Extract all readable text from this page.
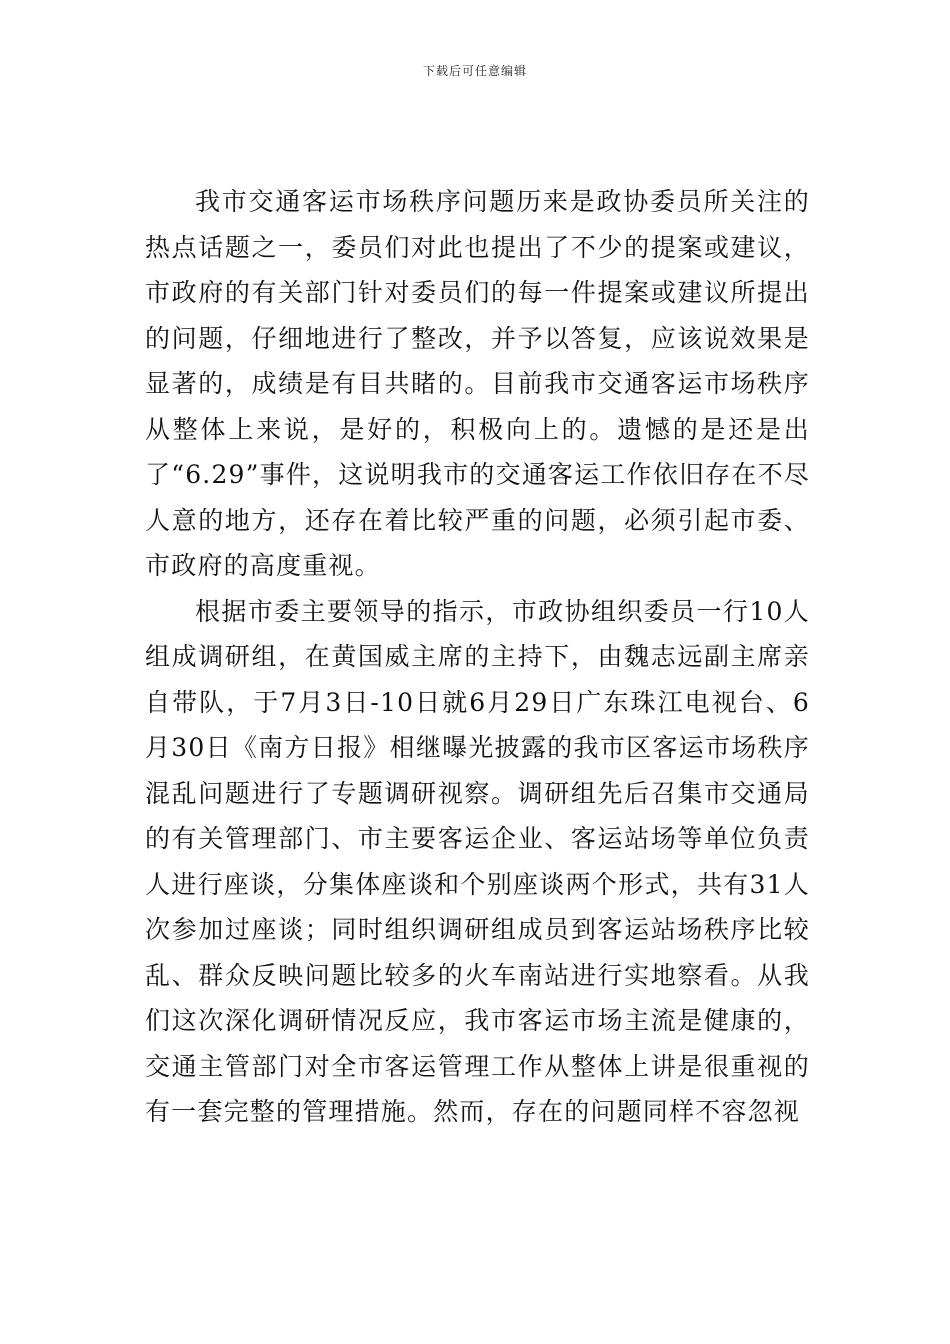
下载后可任意编辑

我市交通客运市场秩序问题历来是政协委员所关注的热点话题之一，委员们对此也提出了不少的提案或建议，市政府的有关部门针对委员们的每一件提案或建议所提出的问题，仔细地进行了整改，并予以答复，应该说效果是显著的，成绩是有目共睹的。目前我市交通客运市场秩序从整体上来说，是好的，积极向上的。遗憾的是还是出了“6.29”事件，这说明我市的交通客运工作依旧存在不尽人意的地方，还存在着比较严重的问题，必须引起市委、市政府的高度重视。

根据市委主要领导的指示，市政协组织委员一行10人组成调研组，在黄国威主席的主持下，由魏志远副主席亲自带队，于7月3日-10日就6月29日广东珠江电视台、6月30日《南方日报》相继曝光披露的我市区客运市场秩序混乱问题进行了专题调研视察。调研组先后召集市交通局的有关管理部门、市主要客运企业、客运站场等单位负责人进行座谈，分集体座谈和个别座谈两个形式，共有31人次参加过座谈；同时组织调研组成员到客运站场秩序比较乱、群众反映问题比较多的火车南站进行实地察看。从我们这次深化调研情况反应，我市客运市场主流是健康的，交通主管部门对全市客运管理工作从整体上讲是很重视的有一套完整的管理措施。然而，存在的问题同样不容忽视
